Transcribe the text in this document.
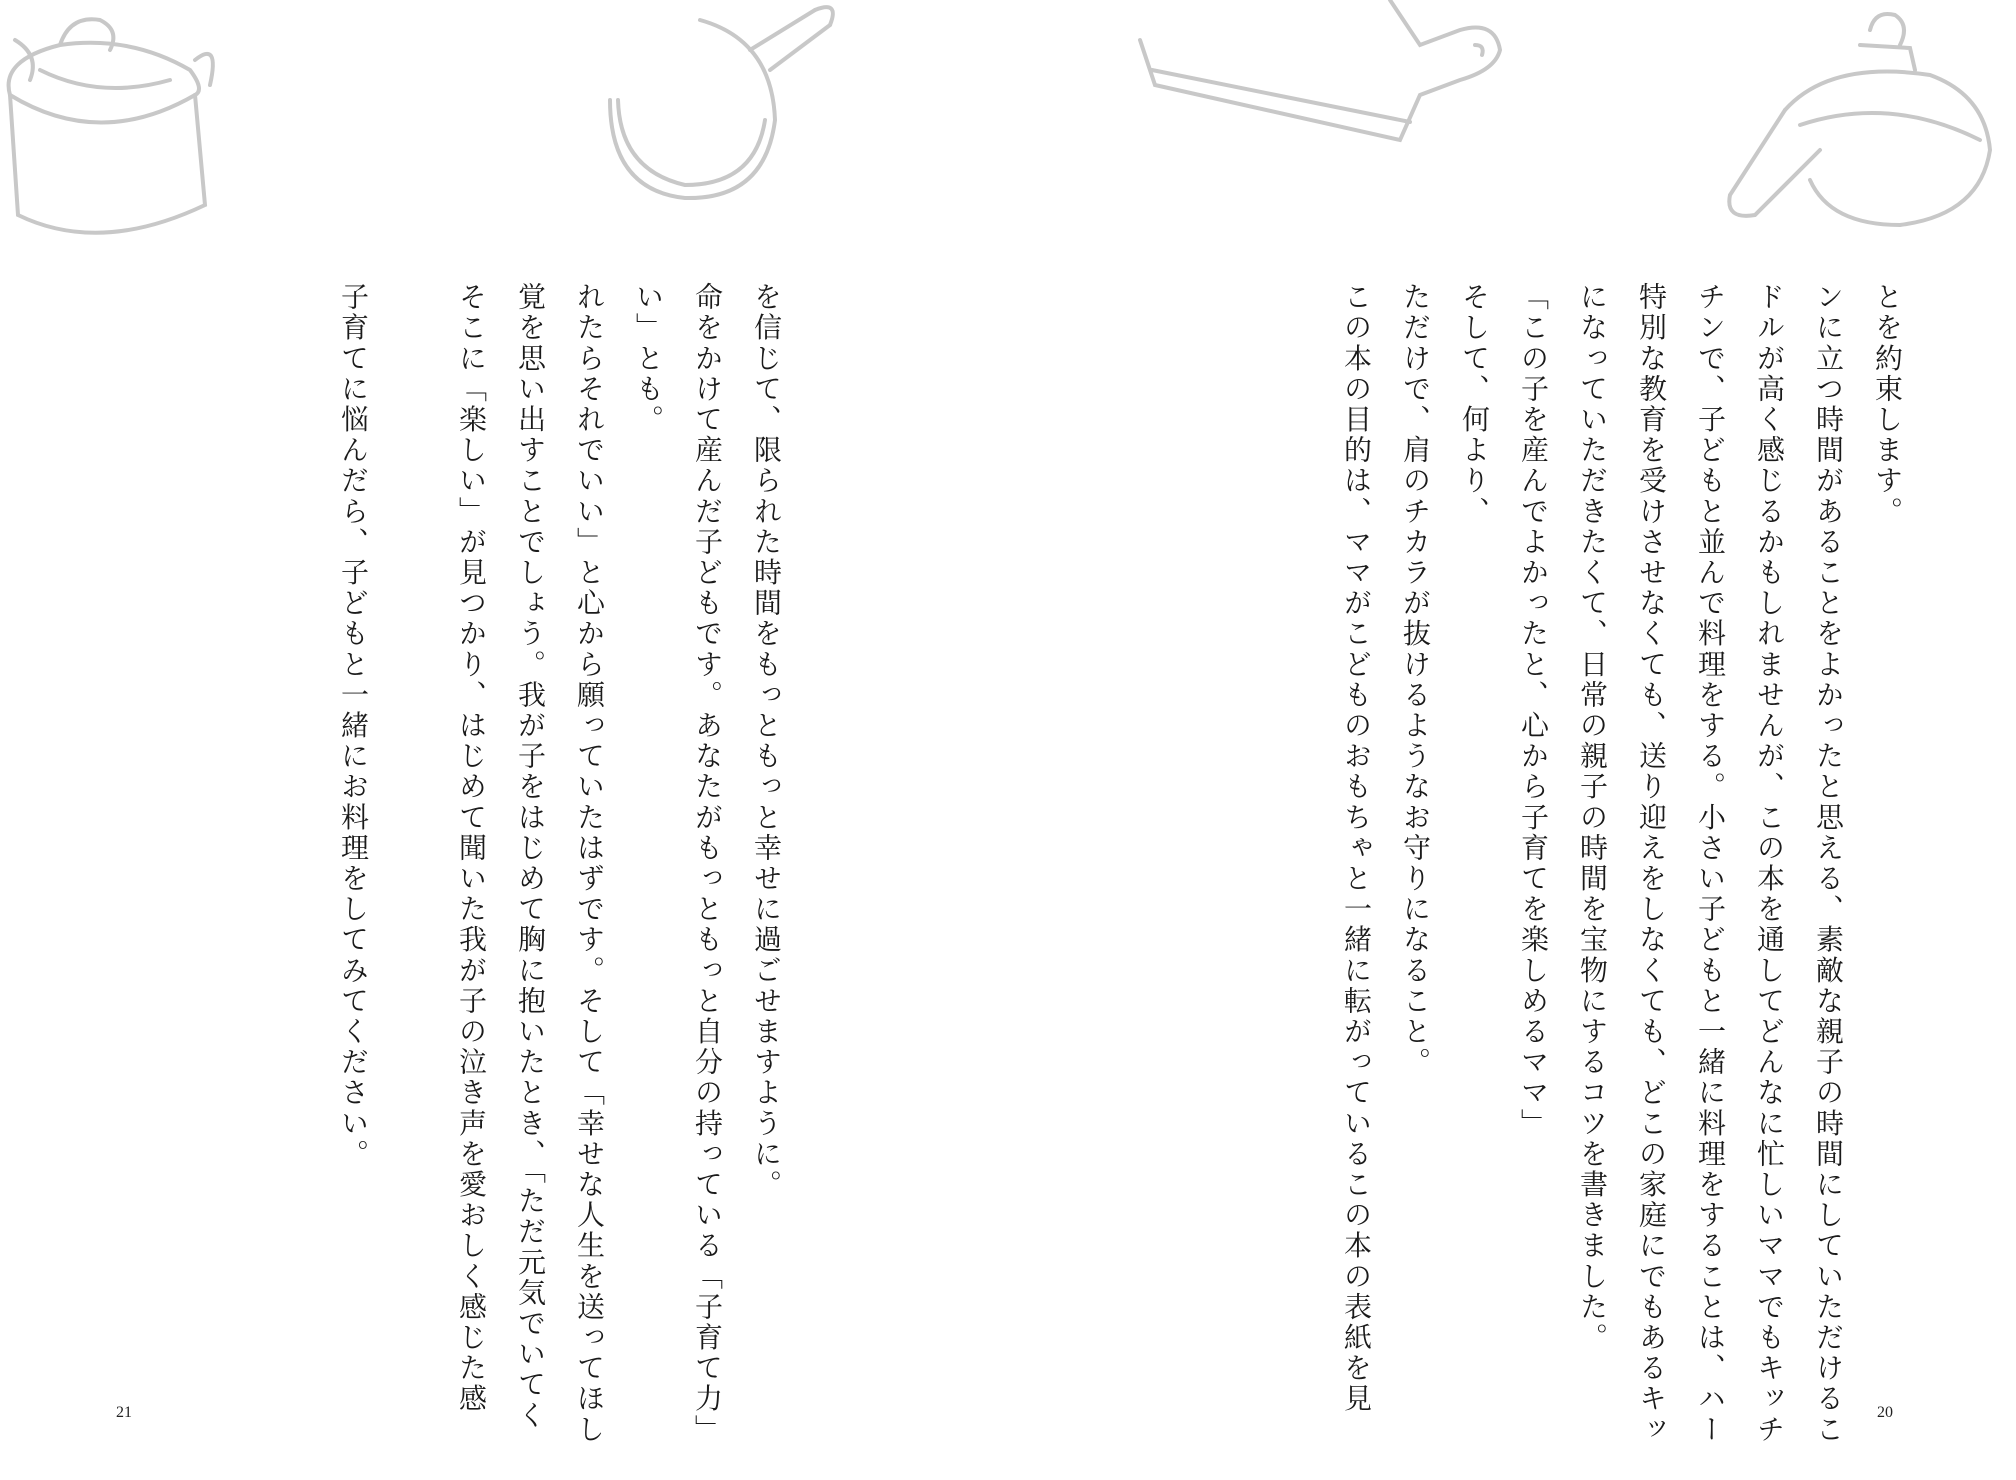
とを約束します。
ンに立つ時間があることをよかったと思える、素敵な親子の時間にしていただけるこ
ドルが高く感じるかもしれませんが、この本を通してどんなに忙しいママでもキッチ
チンで、子どもと並んで料理をする。小さい子どもと一緒に料理をすることは、ハー
特別な教育を受けさせなくても、送り迎えをしなくても、どこの家庭にでもあるキッ
になっていただきたくて、日常の親子の時間を宝物にするコツを書きました。
「この子を産んでよかったと、心から子育てを楽しめるママ」
そして、何より、
ただけで、肩のチカラが抜けるようなお守りになること。
この本の目的は、ママがこどものおもちゃと一緒に転がっているこの本の表紙を見	20
を信じて、限られた時間をもっともっと幸せに過ごせますように。
命をかけて産んだ子どもです。あなたがもっともっと自分の持っている「子育て力」
い」とも。
れたらそれでいい」と心から願っていたはずです。そして「幸せな人生を送ってほし
覚を思い出すことでしょう。我が子をはじめて胸に抱いたとき、「ただ元気でいてく
そこに「楽しい」が見つかり、はじめて聞いた我が子の泣き声を愛おしく感じた感
子育てに悩んだら、子どもと一緒にお料理をしてみてください。
21
